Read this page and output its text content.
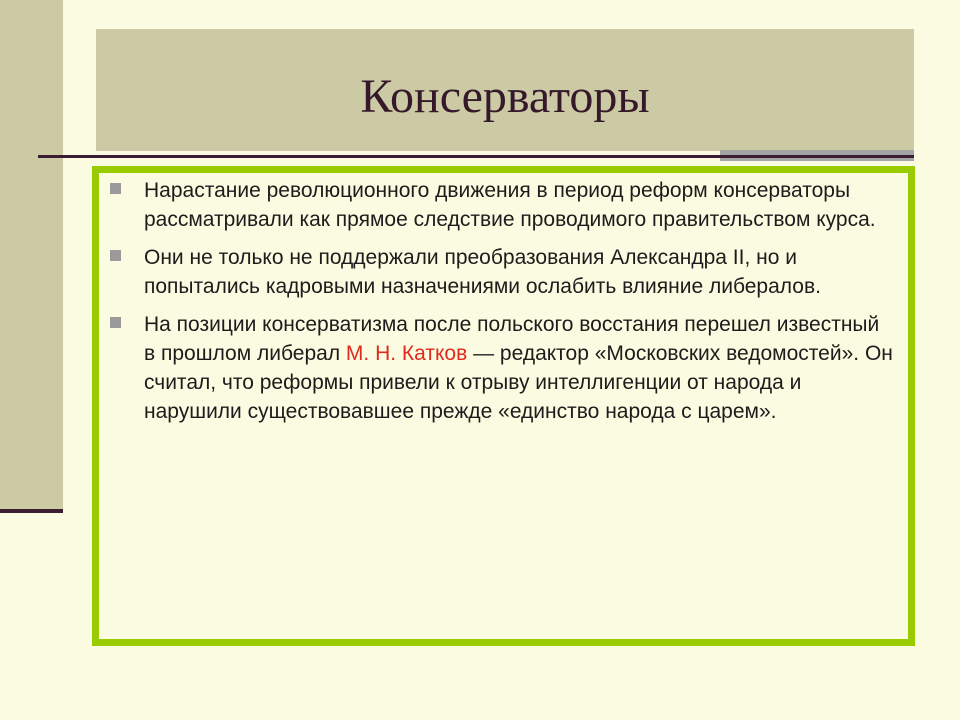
Консерваторы
Нарастание революционного движения в период реформ консерваторы рассматривали как прямое следствие проводимого правительством курса.
Они не только не поддержали преобразования Александра II, но и попытались кадровыми назначениями ослабить влияние либералов.
На позиции консерватизма после польского восстания перешел известный в прошлом либерал М. Н. Катков — редактор «Московских ведомостей». Он считал, что реформы привели к отрыву интеллигенции от народа и нарушили существовавшее прежде «единство народа с царем».
